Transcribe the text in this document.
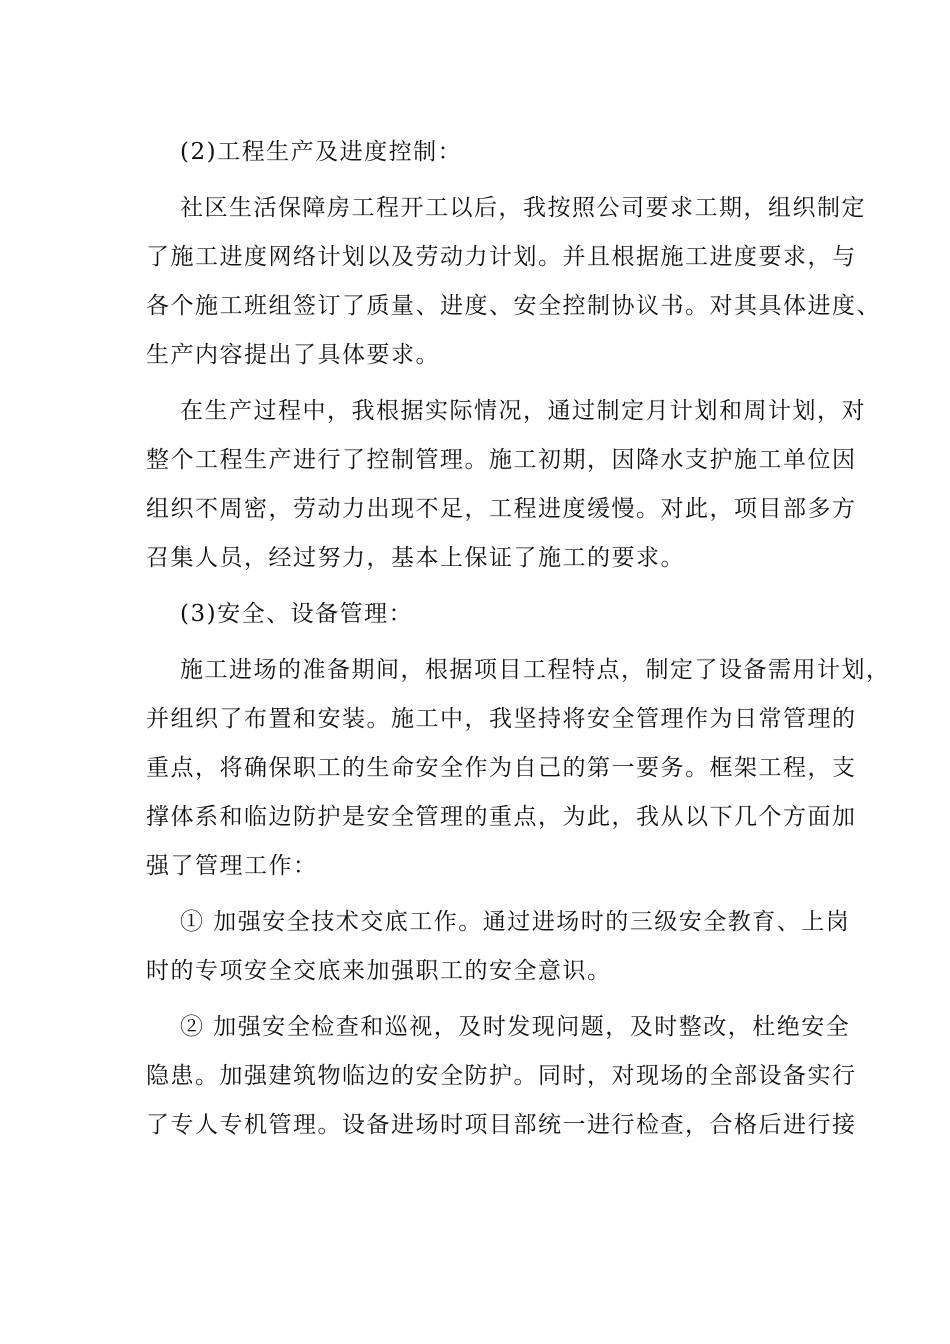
(2)工程生产及进度控制：
社区生活保障房工程开工以后，我按照公司要求工期，组织制定
了施工进度网络计划以及劳动力计划。并且根据施工进度要求，与
各个施工班组签订了质量、进度、安全控制协议书。对其具体进度、
生产内容提出了具体要求。
在生产过程中，我根据实际情况，通过制定月计划和周计划，对
整个工程生产进行了控制管理。施工初期，因降水支护施工单位因
组织不周密，劳动力出现不足，工程进度缓慢。对此，项目部多方
召集人员，经过努力，基本上保证了施工的要求。
(3)安全、设备管理：
施工进场的准备期间，根据项目工程特点，制定了设备需用计划，
并组织了布置和安装。施工中，我坚持将安全管理作为日常管理的
重点，将确保职工的生命安全作为自己的第一要务。框架工程，支
撑体系和临边防护是安全管理的重点，为此，我从以下几个方面加
强了管理工作：
① 加强安全技术交底工作。通过进场时的三级安全教育、上岗
时的专项安全交底来加强职工的安全意识。
② 加强安全检查和巡视，及时发现问题，及时整改，杜绝安全
隐患。加强建筑物临边的安全防护。同时，对现场的全部设备实行
了专人专机管理。设备进场时项目部统一进行检查，合格后进行接
